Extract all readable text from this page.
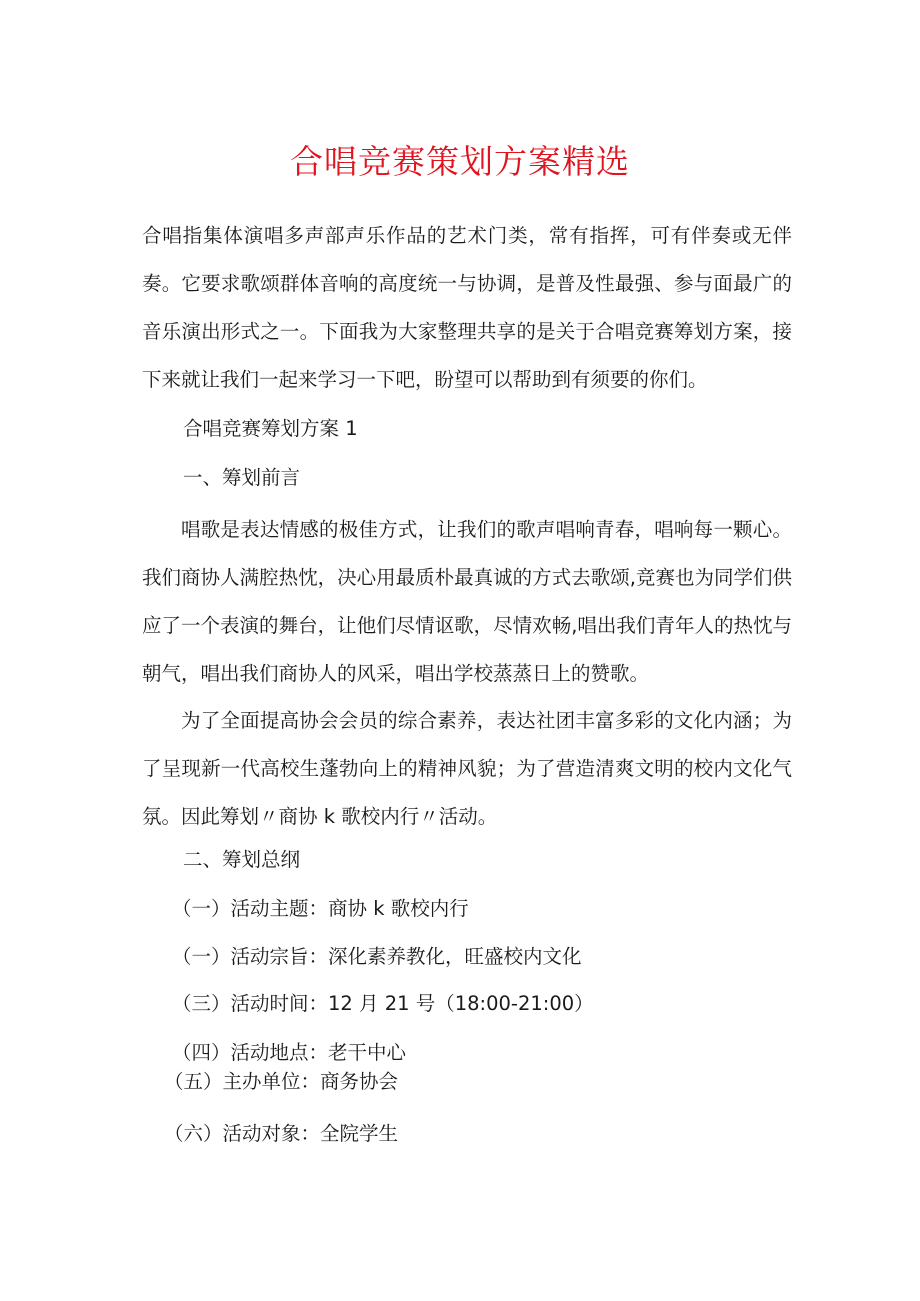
合唱竞赛策划方案精选
合唱指集体演唱多声部声乐作品的艺术门类，常有指挥，可有伴奏或无伴奏。它要求歌颂群体音响的高度统一与协调，是普及性最强、参与面最广的音乐演出形式之一。下面我为大家整理共享的是关于合唱竞赛筹划方案，接下来就让我们一起来学习一下吧，盼望可以帮助到有须要的你们。
合唱竞赛筹划方案 1
一、筹划前言
唱歌是表达情感的极佳方式，让我们的歌声唱响青春，唱响每一颗心。我们商协人满腔热忱，决心用最质朴最真诚的方式去歌颂,竞赛也为同学们供应了一个表演的舞台，让他们尽情讴歌，尽情欢畅,唱出我们青年人的热忱与朝气，唱出我们商协人的风采，唱出学校蒸蒸日上的赞歌。
为了全面提高协会会员的综合素养，表达社团丰富多彩的文化内涵；为了呈现新一代高校生蓬勃向上的精神风貌；为了营造清爽文明的校内文化气氛。因此筹划〃商协 k 歌校内行〃活动。
二、筹划总纲
（一）活动主题：商协 k 歌校内行
（一）活动宗旨：深化素养教化，旺盛校内文化
（三）活动时间：12 月 21 号（18:00-21:00）
（四）活动地点：老干中心
（五）主办单位：商务协会
（六）活动对象：全院学生
